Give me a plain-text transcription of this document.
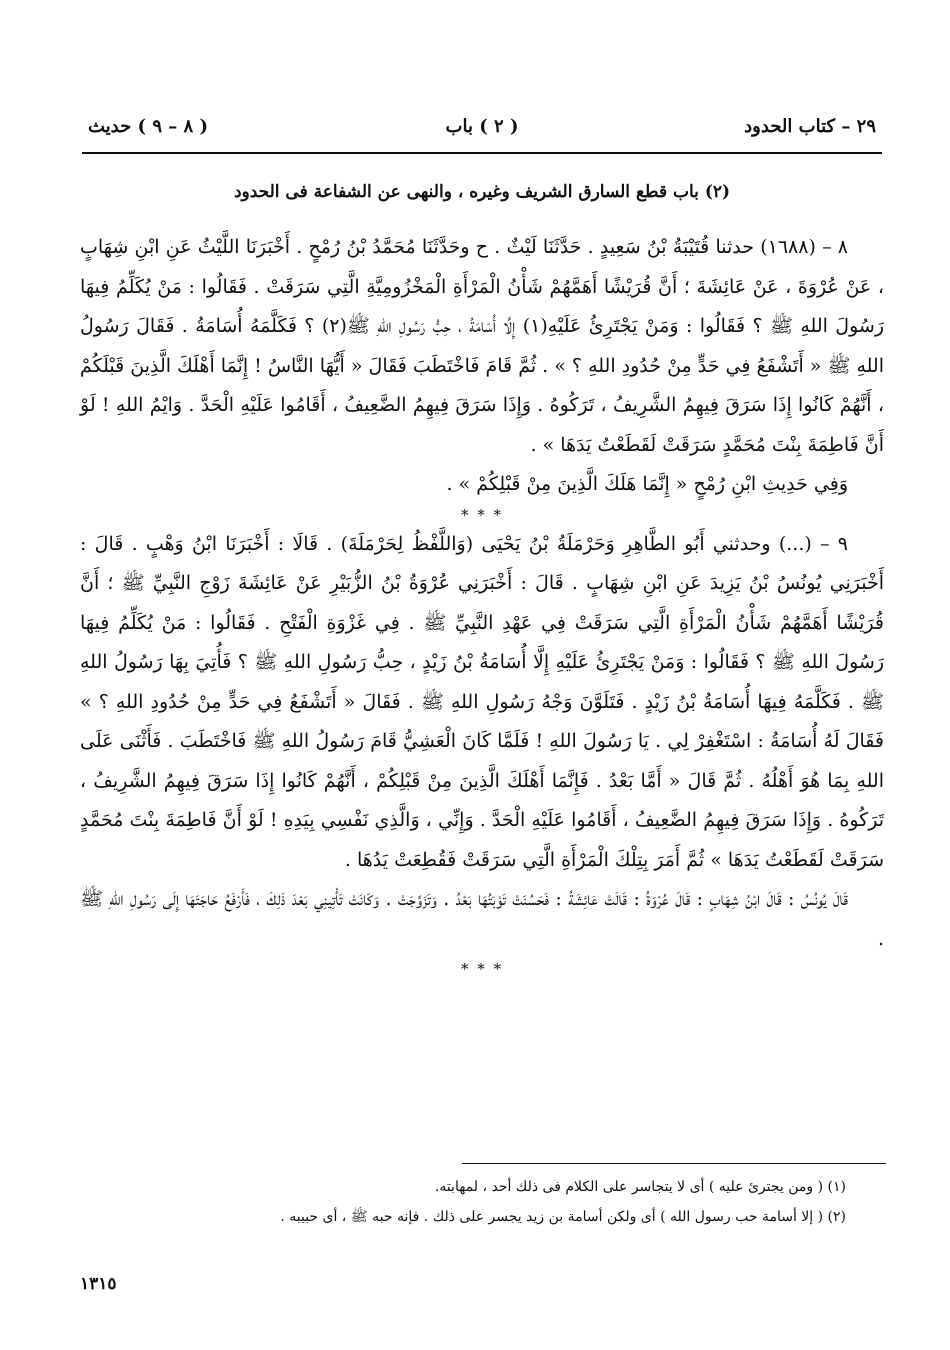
٢٩ – كتاب الحدود
( ٢ ) باب
( ٨ – ٩ ) حديث
(٢) باب قطع السارق الشريف وغيره ، والنهى عن الشفاعة فى الحدود

٨ – (١٦٨٨) حدثنا قُتَيْبَةُ بْنُ سَعِيدٍ . حَدَّثَنَا لَيْثٌ . ح وحَدَّثَنَا مُحَمَّدُ بْنُ رُمْحٍ . أَخْبَرَنَا اللَّيْثُ عَنِ ابْنِ شِهَابٍ ، عَنْ عُرْوَةَ ، عَنْ عَائِشَةَ ؛ أَنَّ قُرَيْشًا أَهَمَّهُمْ شَأْنُ الْمَرْأَةِ الْمَخْزُومِيَّةِ الَّتِي سَرَقَتْ . فَقَالُوا : مَنْ يُكَلِّمُ فِيهَا رَسُولَ اللهِ ﷺ ؟ فَقَالُوا : وَمَنْ يَجْتَرِئُ عَلَيْهِ(١) إِلَّا أُسَامَةُ ، حِبُّ رَسُولِ اللهِ ﷺ(٢) ؟ فَكَلَّمَهُ أُسَامَةُ . فَقَالَ رَسُولُ اللهِ ﷺ « أَتَشْفَعُ فِي حَدٍّ مِنْ حُدُودِ اللهِ ؟ » . ثُمَّ قَامَ فَاخْتَطَبَ فَقَالَ « أَيُّهَا النَّاسُ ! إِنَّمَا أَهْلَكَ الَّذِينَ قَبْلَكُمْ ، أَنَّهُمْ كَانُوا إِذَا سَرَقَ فِيهِمُ الشَّرِيفُ ، تَرَكُوهُ . وَإِذَا سَرَقَ فِيهِمُ الضَّعِيفُ ، أَقَامُوا عَلَيْهِ الْحَدَّ . وَايْمُ اللهِ ! لَوْ أَنَّ فَاطِمَةَ بِنْتَ مُحَمَّدٍ سَرَقَتْ لَقَطَعْتُ يَدَهَا » .

وَفِي حَدِيثِ ابْنِ رُمْحٍ « إِنَّمَا هَلَكَ الَّذِينَ مِنْ قَبْلِكُمْ » .

* * *

٩ – (...) وحدثني أَبُو الطَّاهِرِ وَحَرْمَلَةُ بْنُ يَحْيَى (وَاللَّفْظُ لِحَرْمَلَةَ) . قَالَا : أَخْبَرَنَا ابْنُ وَهْبٍ . قَالَ : أَخْبَرَنِي يُونُسُ بْنُ يَزِيدَ عَنِ ابْنِ شِهَابٍ . قَالَ : أَخْبَرَنِي عُرْوَةُ بْنُ الزُّبَيْرِ عَنْ عَائِشَةَ زَوْجِ النَّبِيِّ ﷺ ؛ أَنَّ قُرَيْشًا أَهَمَّهُمْ شَأْنُ الْمَرْأَةِ الَّتِي سَرَقَتْ فِي عَهْدِ النَّبِيِّ ﷺ . فِي غَزْوَةِ الْفَتْحِ . فَقَالُوا : مَنْ يُكَلِّمُ فِيهَا رَسُولَ اللهِ ﷺ ؟ فَقَالُوا : وَمَنْ يَجْتَرِئُ عَلَيْهِ إِلَّا أُسَامَةُ بْنُ زَيْدٍ ، حِبُّ رَسُولِ اللهِ ﷺ ؟ فَأُتِيَ بِهَا رَسُولُ اللهِ ﷺ . فَكَلَّمَهُ فِيهَا أُسَامَةُ بْنُ زَيْدٍ . فَتَلَوَّنَ وَجْهُ رَسُولِ اللهِ ﷺ . فَقَالَ « أَتَشْفَعُ فِي حَدٍّ مِنْ حُدُودِ اللهِ ؟ » فَقَالَ لَهُ أُسَامَةُ : اسْتَغْفِرْ لِي . يَا رَسُولَ اللهِ ! فَلَمَّا كَانَ الْعَشِيُّ قَامَ رَسُولُ اللهِ ﷺ فَاخْتَطَبَ . فَأَثْنَى عَلَى اللهِ بِمَا هُوَ أَهْلُهُ . ثُمَّ قَالَ « أَمَّا بَعْدُ . فَإِنَّمَا أَهْلَكَ الَّذِينَ مِنْ قَبْلِكُمْ ، أَنَّهُمْ كَانُوا إِذَا سَرَقَ فِيهِمُ الشَّرِيفُ ، تَرَكُوهُ . وَإِذَا سَرَقَ فِيهِمُ الضَّعِيفُ ، أَقَامُوا عَلَيْهِ الْحَدَّ . وَإِنِّي ، وَالَّذِي نَفْسِي بِيَدِهِ ! لَوْ أَنَّ فَاطِمَةَ بِنْتَ مُحَمَّدٍ سَرَقَتْ لَقَطَعْتُ يَدَهَا » ثُمَّ أَمَرَ بِتِلْكَ الْمَرْأَةِ الَّتِي سَرَقَتْ فَقُطِعَتْ يَدُهَا .

قَالَ يُونُسُ : قَالَ ابْنُ شِهَابٍ : قَالَ عُرْوَةُ : قَالَتْ عَائِشَةُ : فَحَسُنَتْ تَوْبَتُهَا بَعْدُ . وَتَزَوَّجَتْ . وَكَانَتْ تَأْتِينِي بَعْدَ ذَلِكَ ، فَأَرْفَعُ حَاجَتَهَا إِلَى رَسُولِ اللهِ ﷺ .

* * *

(١) ( ومن يجترئ عليه ) أى لا يتجاسر على الكلام فى ذلك أحد ، لمهابته.

(٢) ( إلا أسامة حب رسول الله ) أى ولكن أسامة بن زيد يجسر على ذلك . فإنه حبه ﷺ ، أى حبيبه .

١٣١٥
